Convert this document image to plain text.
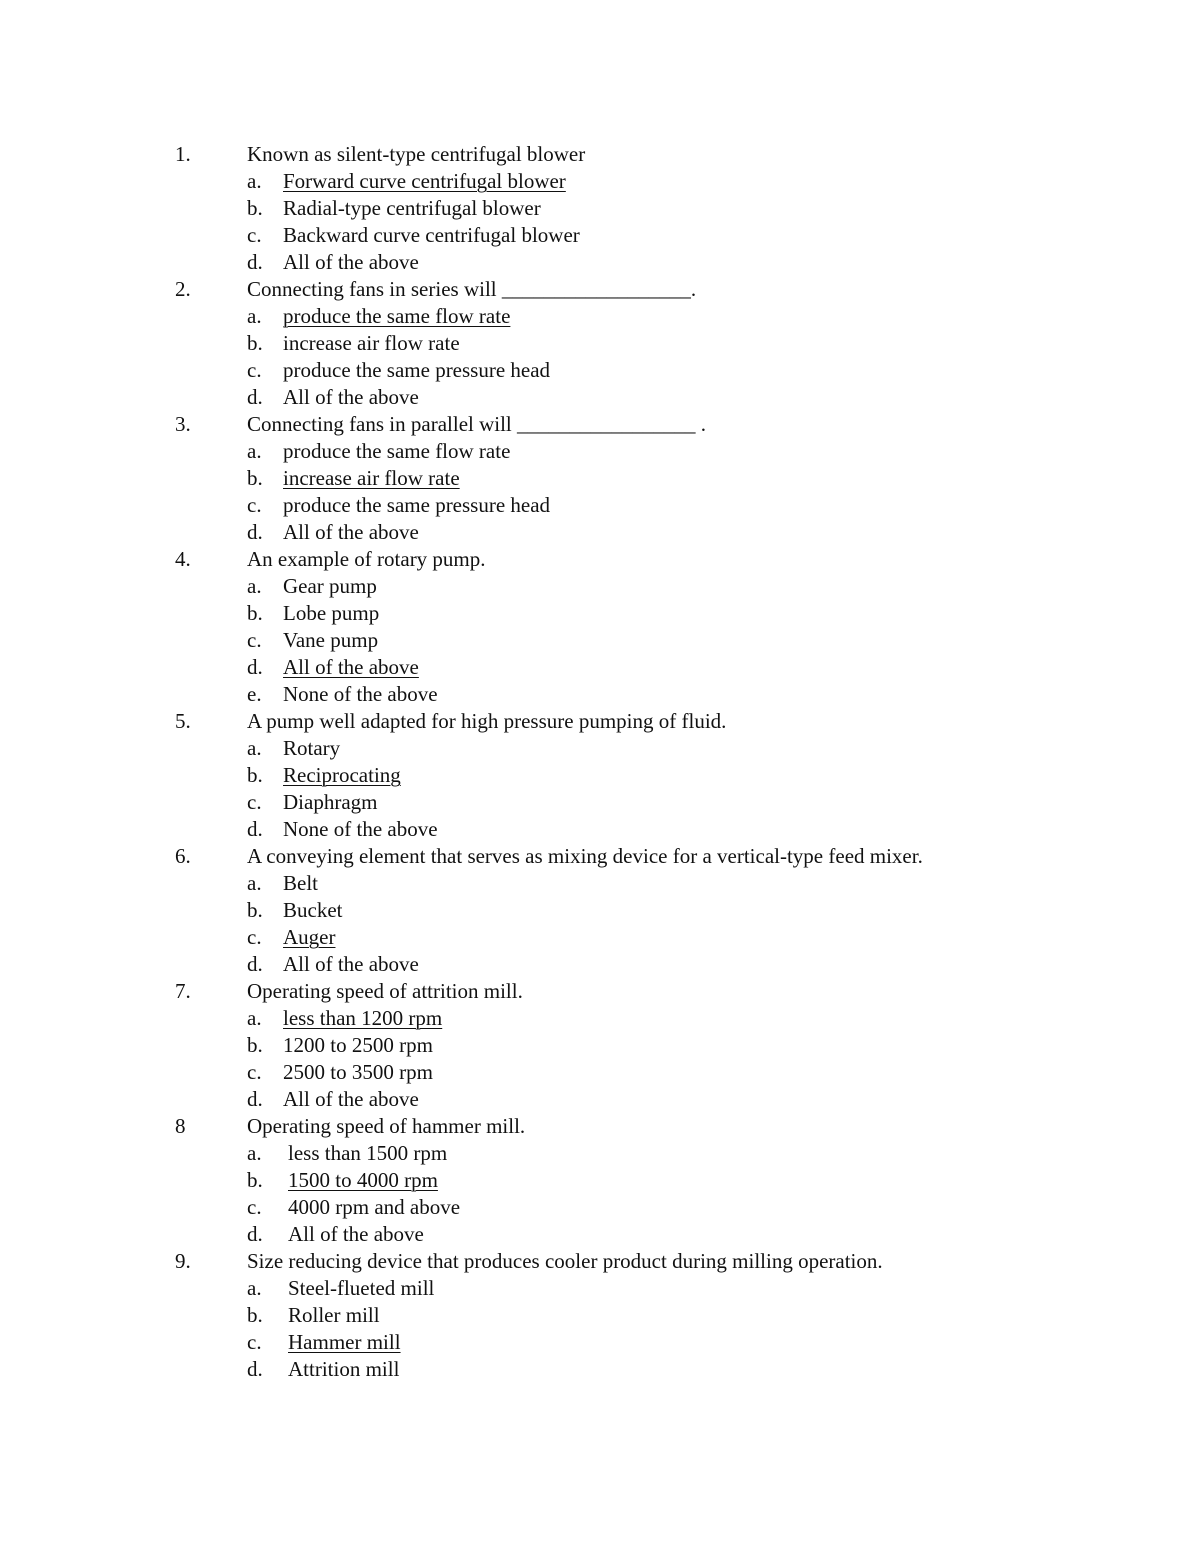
1.	Known as silent-type centrifugal blower
a. Forward curve centrifugal blower
b. Radial-type centrifugal blower
c. Backward curve centrifugal blower
d. All of the above
2.	Connecting fans in series will __________________.
a. produce the same flow rate
b. increase air flow rate
c. produce the same pressure head
d. All of the above
3.	Connecting fans in parallel will _________________ .
a. produce the same flow rate
b. increase air flow rate
c. produce the same pressure head
d. All of the above
4.	An example of rotary pump.
a. Gear pump
b. Lobe pump
c. Vane pump
d. All of the above
e. None of the above
5.	A pump well adapted for high pressure pumping of fluid.
a. Rotary
b. Reciprocating
c. Diaphragm
d. None of the above
6.	A conveying element that serves as mixing device for a vertical-type feed mixer.
a. Belt
b. Bucket
c. Auger
d. All of the above
7.	Operating speed of attrition mill.
a. less than 1200 rpm
b. 1200 to 2500 rpm
c. 2500 to 3500 rpm
d. All of the above
8	Operating speed of hammer mill.
a. less than 1500 rpm
b. 1500 to 4000 rpm
c. 4000 rpm and above
d. All of the above
9.	Size reducing device that produces cooler product during milling operation.
a. Steel-flueted mill
b. Roller mill
c. Hammer mill
d. Attrition mill
